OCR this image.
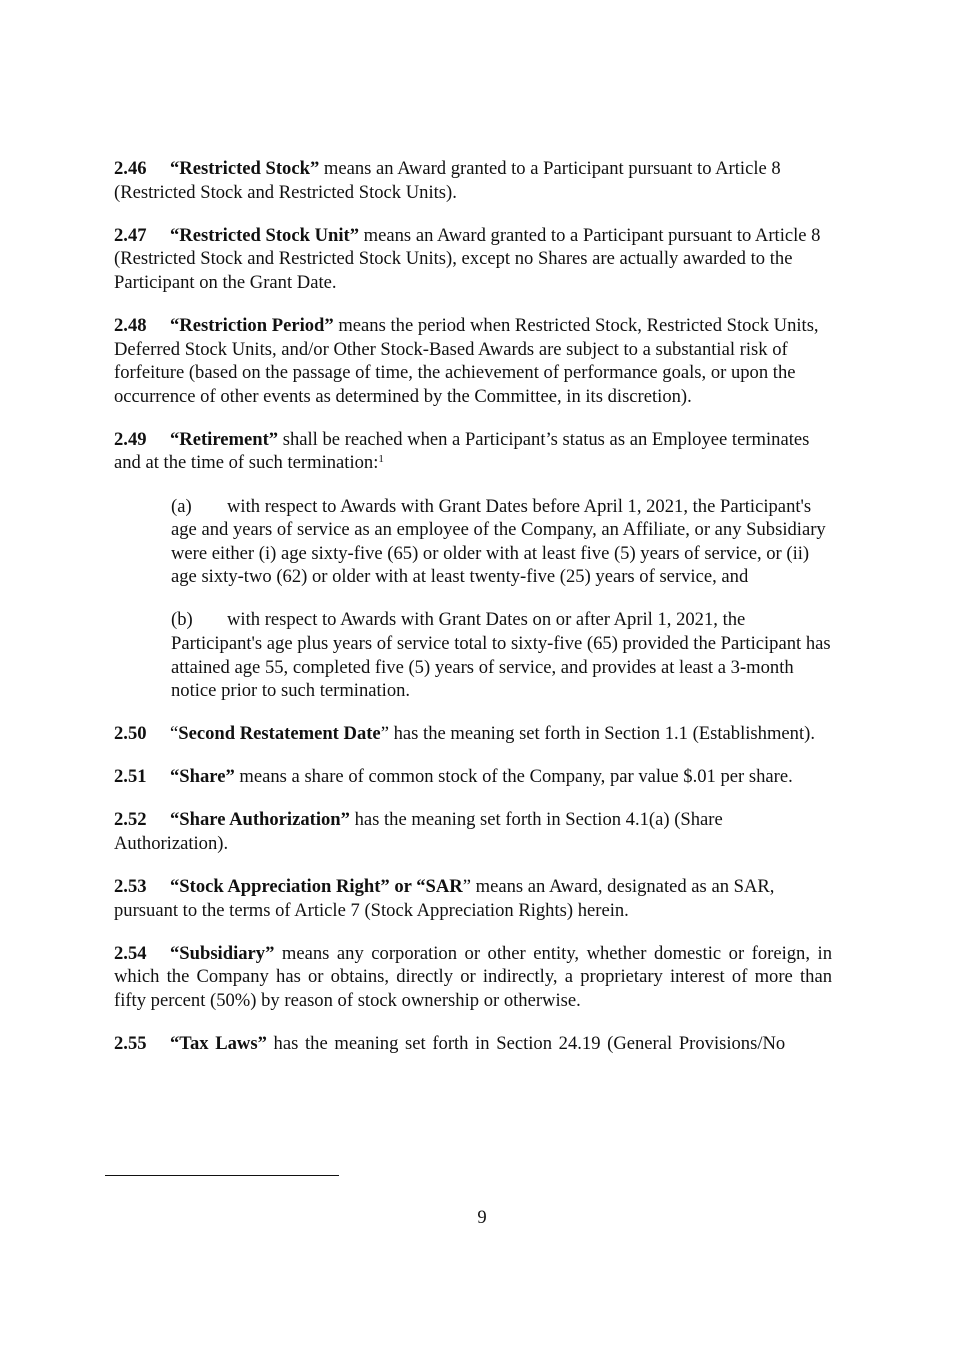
2.46 “Restricted Stock” means an Award granted to a Participant pursuant to Article 8 (Restricted Stock and Restricted Stock Units).

2.47 “Restricted Stock Unit” means an Award granted to a Participant pursuant to Article 8 (Restricted Stock and Restricted Stock Units), except no Shares are actually awarded to the Participant on the Grant Date.

2.48 “Restriction Period” means the period when Restricted Stock, Restricted Stock Units, Deferred Stock Units, and/or Other Stock-Based Awards are subject to a substantial risk of forfeiture (based on the passage of time, the achievement of performance goals, or upon the occurrence of other events as determined by the Committee, in its discretion).

2.49 “Retirement” shall be reached when a Participant’s status as an Employee terminates and at the time of such termination:$^1$

(a) with respect to Awards with Grant Dates before April 1, 2021, the Participant's age and years of service as an employee of the Company, an Affiliate, or any Subsidiary were either (i) age sixty-five (65) or older with at least five (5) years of service, or (ii) age sixty-two (62) or older with at least twenty-five (25) years of service, and

(b) with respect to Awards with Grant Dates on or after April 1, 2021, the Participant's age plus years of service total to sixty-five (65) provided the Participant has attained age 55, completed five (5) years of service, and provides at least a 3-month notice prior to such termination.

2.50 “Second Restatement Date” has the meaning set forth in Section 1.1 (Establishment).

2.51 “Share” means a share of common stock of the Company, par value $.01 per share.

2.52 “Share Authorization” has the meaning set forth in Section 4.1(a) (Share Authorization).

2.53 “Stock Appreciation Right” or “SAR” means an Award, designated as an SAR, pursuant to the terms of Article 7 (Stock Appreciation Rights) herein.

2.54 “Subsidiary” means any corporation or other entity, whether domestic or foreign, in which the Company has or obtains, directly or indirectly, a proprietary interest of more than fifty percent (50%) by reason of stock ownership or otherwise.

2.55 “Tax Laws” has the meaning set forth in Section 24.19 (General Provisions/No

9
